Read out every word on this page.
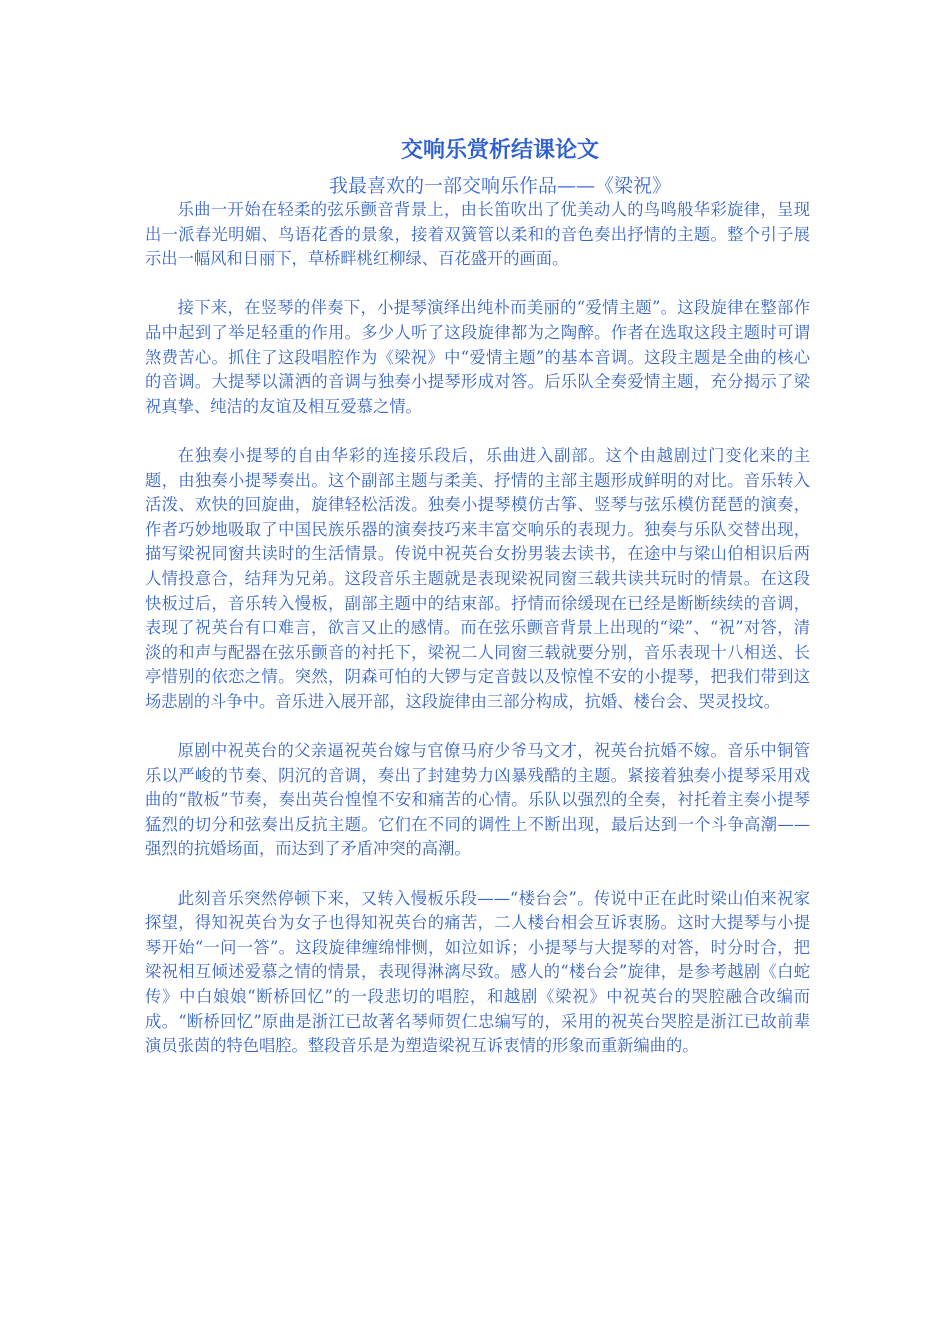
交响乐赏析结课论文
我最喜欢的一部交响乐作品——《梁祝》

乐曲一开始在轻柔的弦乐颤音背景上，由长笛吹出了优美动人的鸟鸣般华彩旋律，呈现出一派春光明媚、鸟语花香的景象，接着双簧管以柔和的音色奏出抒情的主题。整个引子展示出一幅风和日丽下，草桥畔桃红柳绿、百花盛开的画面。

接下来，在竖琴的伴奏下，小提琴演绎出纯朴而美丽的“爱情主题”。这段旋律在整部作品中起到了举足轻重的作用。多少人听了这段旋律都为之陶醉。作者在选取这段主题时可谓煞费苦心。抓住了这段唱腔作为《梁祝》中“爱情主题”的基本音调。这段主题是全曲的核心的音调。大提琴以潇洒的音调与独奏小提琴形成对答。后乐队全奏爱情主题，充分揭示了梁祝真挚、纯洁的友谊及相互爱慕之情。

在独奏小提琴的自由华彩的连接乐段后，乐曲进入副部。这个由越剧过门变化来的主题，由独奏小提琴奏出。这个副部主题与柔美、抒情的主部主题形成鲜明的对比。音乐转入活泼、欢快的回旋曲，旋律轻松活泼。独奏小提琴模仿古筝、竖琴与弦乐模仿琵琶的演奏，作者巧妙地吸取了中国民族乐器的演奏技巧来丰富交响乐的表现力。独奏与乐队交替出现，描写梁祝同窗共读时的生活情景。传说中祝英台女扮男装去读书，在途中与梁山伯相识后两人情投意合，结拜为兄弟。这段音乐主题就是表现梁祝同窗三载共读共玩时的情景。在这段快板过后，音乐转入慢板，副部主题中的结束部。抒情而徐缓现在已经是断断续续的音调，表现了祝英台有口难言，欲言又止的感情。而在弦乐颤音背景上出现的“梁”、“祝”对答，清淡的和声与配器在弦乐颤音的衬托下，梁祝二人同窗三载就要分别，音乐表现十八相送、长亭惜别的依恋之情。突然，阴森可怕的大锣与定音鼓以及惊惶不安的小提琴，把我们带到这场悲剧的斗争中。音乐进入展开部，这段旋律由三部分构成，抗婚、楼台会、哭灵投坟。

原剧中祝英台的父亲逼祝英台嫁与官僚马府少爷马文才，祝英台抗婚不嫁。音乐中铜管乐以严峻的节奏、阴沉的音调，奏出了封建势力凶暴残酷的主题。紧接着独奏小提琴采用戏曲的“散板”节奏，奏出英台惶惶不安和痛苦的心情。乐队以强烈的全奏，衬托着主奏小提琴猛烈的切分和弦奏出反抗主题。它们在不同的调性上不断出现，最后达到一个斗争高潮——强烈的抗婚场面，而达到了矛盾冲突的高潮。

此刻音乐突然停顿下来，又转入慢板乐段——“楼台会”。传说中正在此时梁山伯来祝家探望，得知祝英台为女子也得知祝英台的痛苦，二人楼台相会互诉衷肠。这时大提琴与小提琴开始“一问一答”。这段旋律缠绵悱恻，如泣如诉；小提琴与大提琴的对答，时分时合，把梁祝相互倾述爱慕之情的情景，表现得淋漓尽致。感人的“楼台会”旋律，是参考越剧《白蛇传》中白娘娘“断桥回忆”的一段悲切的唱腔，和越剧《梁祝》中祝英台的哭腔融合改编而成。“断桥回忆”原曲是浙江已故著名琴师贺仁忠编写的，采用的祝英台哭腔是浙江已故前辈演员张茵的特色唱腔。整段音乐是为塑造梁祝互诉衷情的形象而重新编曲的。
